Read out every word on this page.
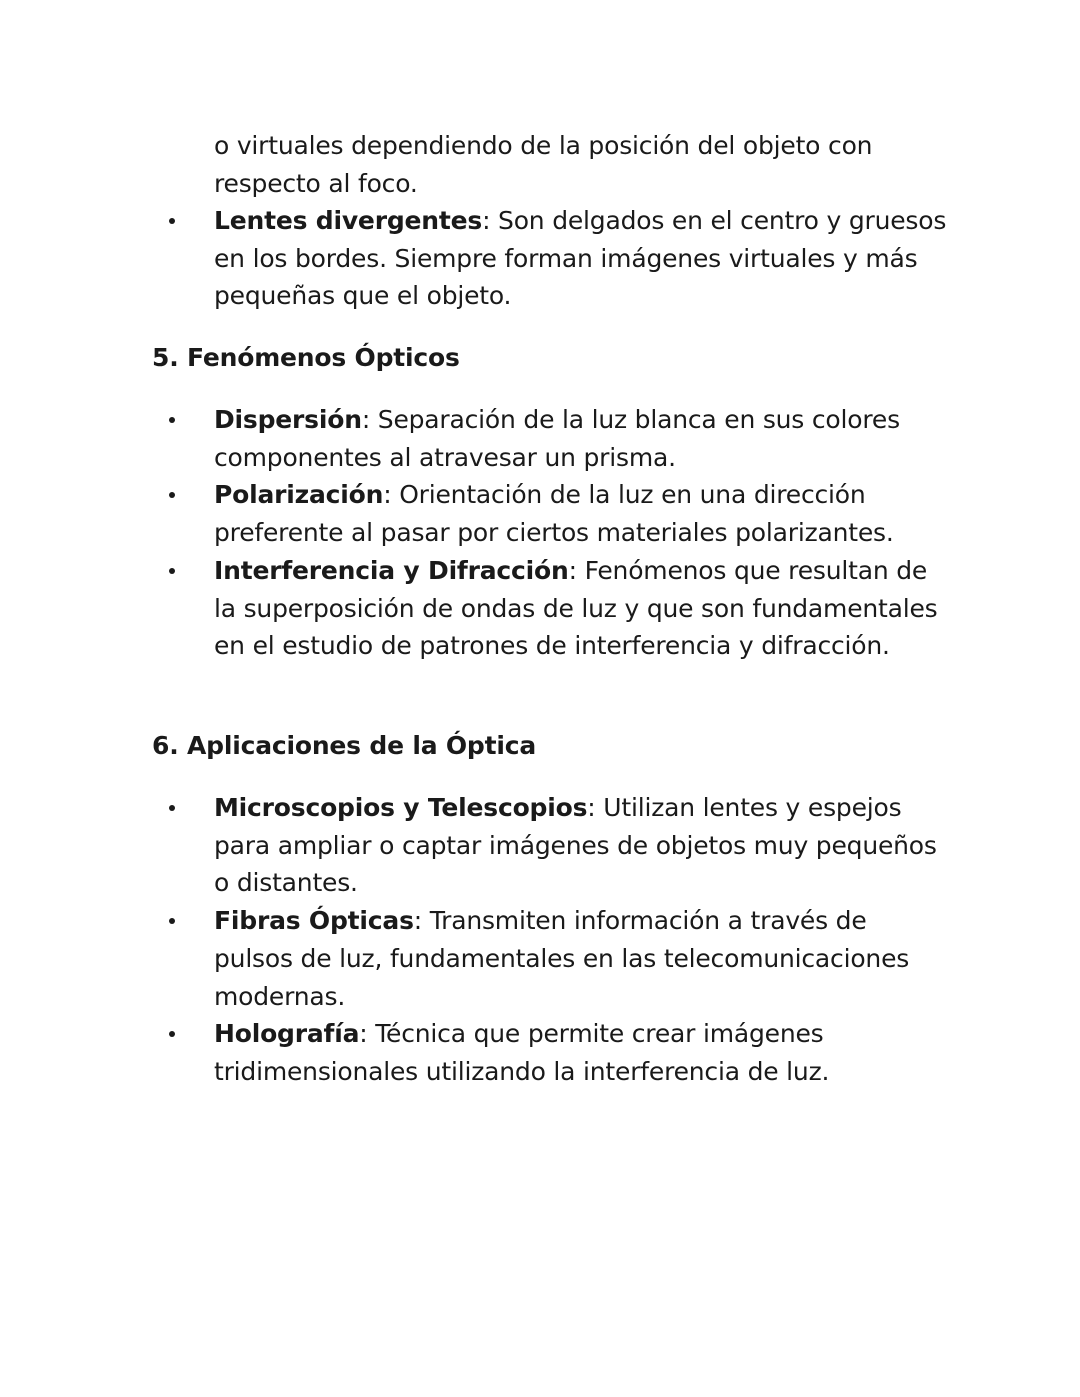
o virtuales dependiendo de la posición del objeto con respecto al foco.
Lentes divergentes: Son delgados en el centro y gruesos en los bordes. Siempre forman imágenes virtuales y más pequeñas que el objeto.
5. Fenómenos Ópticos
Dispersión: Separación de la luz blanca en sus colores componentes al atravesar un prisma.
Polarización: Orientación de la luz en una dirección preferente al pasar por ciertos materiales polarizantes.
Interferencia y Difracción: Fenómenos que resultan de la superposición de ondas de luz y que son fundamentales en el estudio de patrones de interferencia y difracción.
6. Aplicaciones de la Óptica
Microscopios y Telescopios: Utilizan lentes y espejos para ampliar o captar imágenes de objetos muy pequeños o distantes.
Fibras Ópticas: Transmiten información a través de pulsos de luz, fundamentales en las telecomunicaciones modernas.
Holografía: Técnica que permite crear imágenes tridimensionales utilizando la interferencia de luz.
